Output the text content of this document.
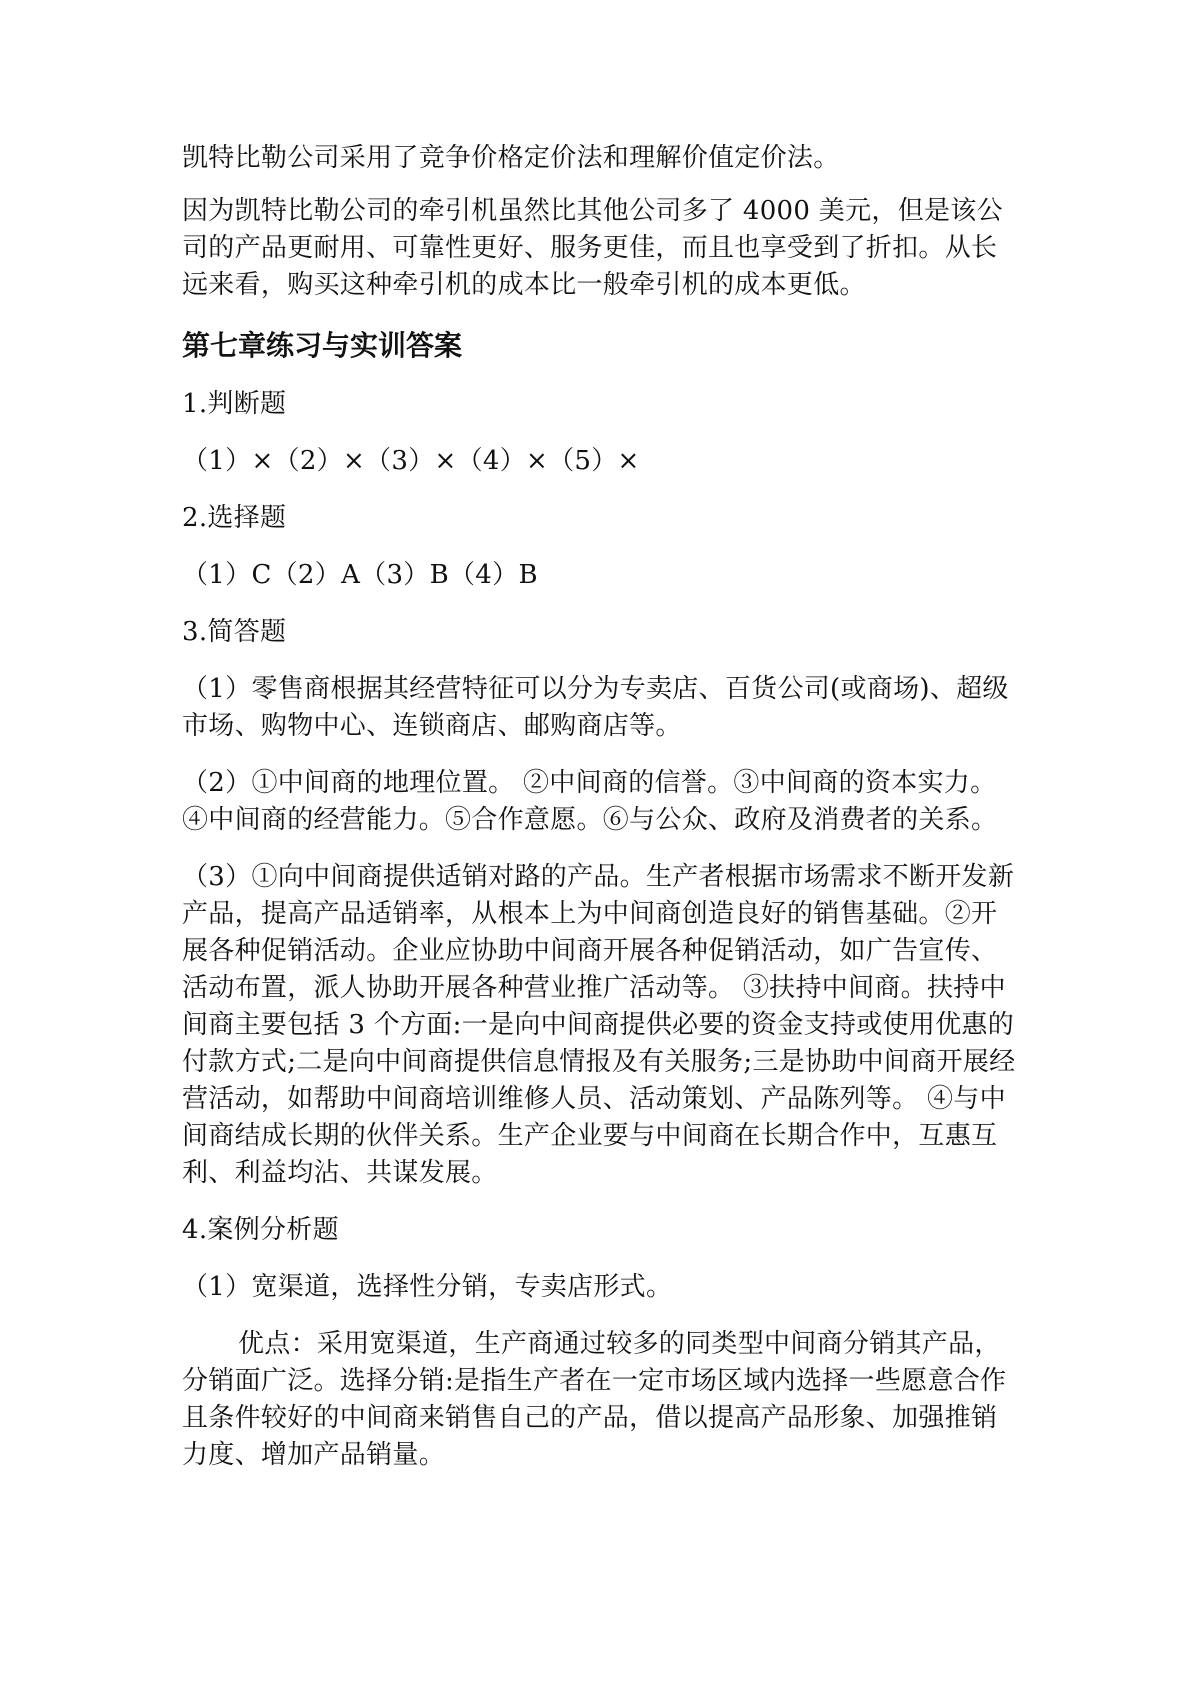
凯特比勒公司采用了竞争价格定价法和理解价值定价法。

因为凯特比勒公司的牵引机虽然比其他公司多了 4000 美元，但是该公司的产品更耐用、可靠性更好、服务更佳，而且也享受到了折扣。从长远来看，购买这种牵引机的成本比一般牵引机的成本更低。

第七章练习与实训答案

1.判断题

（1）×（2）×（3）×（4）×（5）×

2.选择题

（1）C（2）A（3）B（4）B

3.简答题

（1）零售商根据其经营特征可以分为专卖店、百货公司(或商场)、超级市场、购物中心、连锁商店、邮购商店等。

（2）①中间商的地理位置。 ②中间商的信誉。③中间商的资本实力。④中间商的经营能力。⑤合作意愿。⑥与公众、政府及消费者的关系。

（3）①向中间商提供适销对路的产品。生产者根据市场需求不断开发新产品，提高产品适销率，从根本上为中间商创造良好的销售基础。②开展各种促销活动。企业应协助中间商开展各种促销活动，如广告宣传、活动布置，派人协助开展各种营业推广活动等。 ③扶持中间商。扶持中间商主要包括 3 个方面:一是向中间商提供必要的资金支持或使用优惠的付款方式;二是向中间商提供信息情报及有关服务;三是协助中间商开展经营活动，如帮助中间商培训维修人员、活动策划、产品陈列等。 ④与中间商结成长期的伙伴关系。生产企业要与中间商在长期合作中，互惠互利、利益均沾、共谋发展。

4.案例分析题

（1）宽渠道，选择性分销，专卖店形式。

优点：采用宽渠道，生产商通过较多的同类型中间商分销其产品，分销面广泛。选择分销:是指生产者在一定市场区域内选择一些愿意合作且条件较好的中间商来销售自己的产品，借以提高产品形象、加强推销力度、增加产品销量。
